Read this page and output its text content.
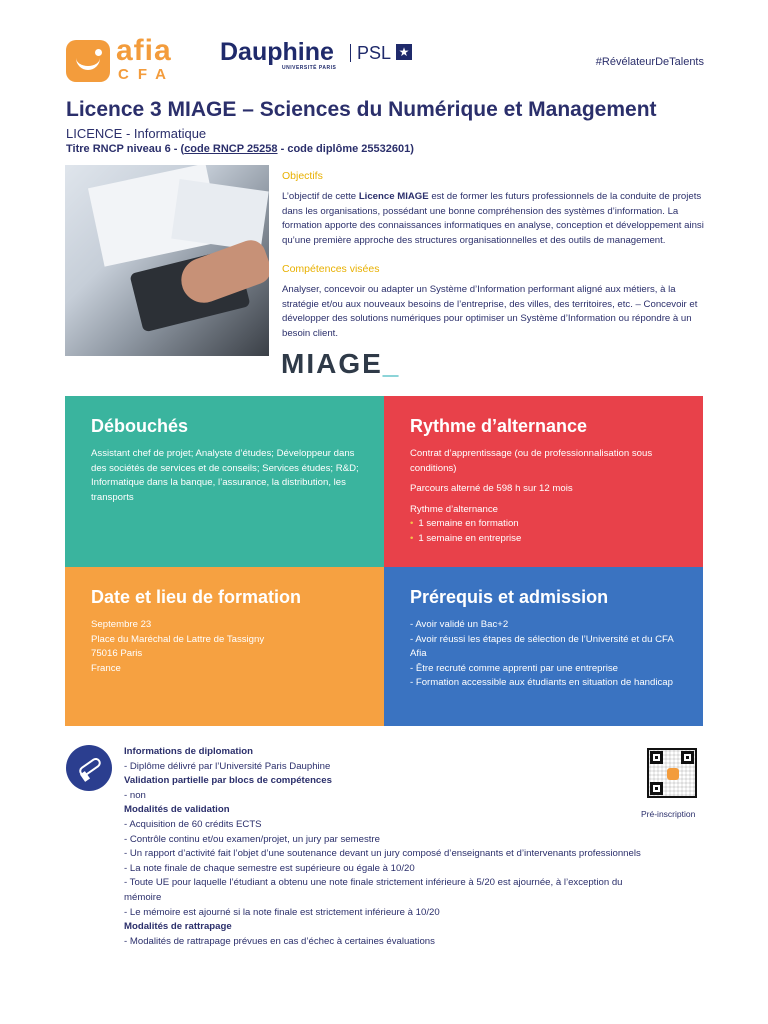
afia
CFA
Dauphine
UNIVERSITÉ PARIS
PSL ★
#RévélateurDeTalents
Licence 3 MIAGE – Sciences du Numérique et Management
LICENCE - Informatique
Titre RNCP niveau 6 - (code RNCP 25258 - code diplôme 25532601)
Objectifs
L’objectif de cette Licence MIAGE est de former les futurs professionnels de la conduite de projets dans les organisations, possédant une bonne compréhension des systèmes d’information. La formation apporte des connaissances informatiques en analyse, conception et développement ainsi qu’une première approche des structures organisationnelles et des outils de management.
Compétences visées
Analyser, concevoir ou adapter un Système d’Information performant aligné aux métiers, à la stratégie et/ou aux nouveaux besoins de l’entreprise, des villes, des territoires, etc. – Concevoir et développer des solutions numériques pour optimiser un Système d’Information ou répondre à un besoin client.
MIAGE_
Débouchés
Assistant chef de projet; Analyste d’études; Développeur dans des sociétés de services et de conseils; Services études; R&D; Informatique dans la banque, l’assurance, la distribution, les transports
Rythme d’alternance
Contrat d’apprentissage (ou de professionnalisation sous conditions)
Parcours alterné de 598 h sur 12 mois
Rythme d’alternance
• 1 semaine en formation
• 1 semaine en entreprise
Date et lieu de formation
Septembre 23
Place du Maréchal de Lattre de Tassigny
75016 Paris
France
Prérequis et admission
- Avoir validé un Bac+2
- Avoir réussi les étapes de sélection de l’Université et du CFA Afia
- Être recruté comme apprenti par une entreprise
- Formation accessible aux étudiants en situation de handicap
Informations de diplomation
- Diplôme délivré par l’Université Paris Dauphine
Validation partielle par blocs de compétences
- non
Modalités de validation
- Acquisition de 60 crédits ECTS
- Contrôle continu et/ou examen/projet, un jury par semestre
- Un rapport d’activité fait l’objet d’une soutenance devant un jury composé d’enseignants et d’intervenants professionnels
- La note finale de chaque semestre est supérieure ou égale à 10/20
- Toute UE pour laquelle l’étudiant a obtenu une note finale strictement inférieure à 5/20 est ajournée, à l’exception du mémoire
- Le mémoire est ajourné si la note finale est strictement inférieure à 10/20
Modalités de rattrapage
- Modalités de rattrapage prévues en cas d’échec à certaines évaluations
Pré-inscription
